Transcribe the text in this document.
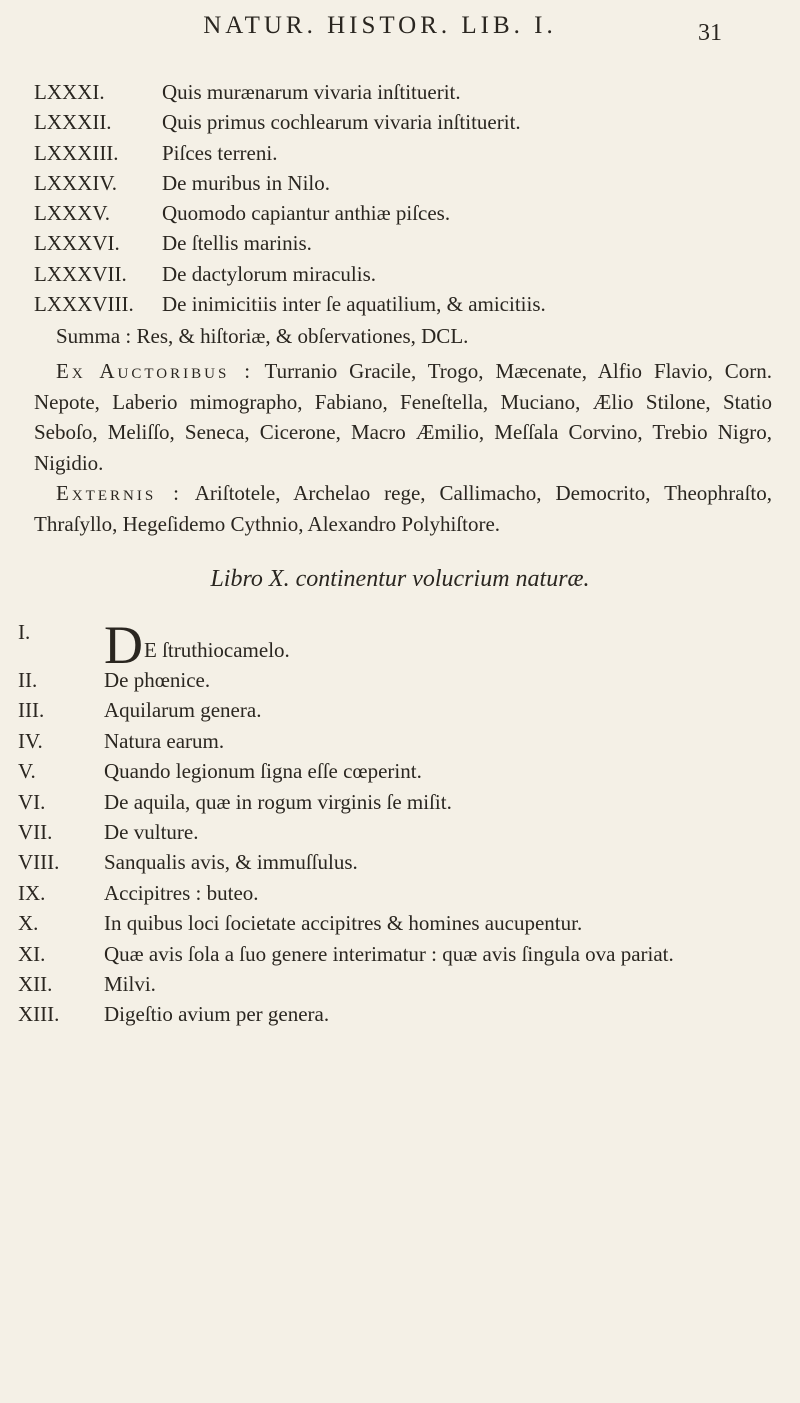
NATUR. HISTOR. LIB. I.	31
LXXXI.	Quis murænarum vivaria inſtituerit.
LXXXII.	Quis primus cochlearum vivaria inſtituerit.
LXXXIII.	Piſces terreni.
LXXXIV.	De muribus in Nilo.
LXXXV.	Quomodo capiantur anthiæ piſces.
LXXXVI.	De ſtellis marinis.
LXXXVII.	De dactylorum miraculis.
LXXXVIII.	De inimicitiis inter ſe aquatilium, & amicitiis.
Summa : Res, & hiſtoriæ, & obſervationes, DCL.

Ex Auctoribus : Turranio Gracile, Trogo, Mæcenate, Alfio Flavio, Corn. Nepote, Laberio mimographo, Fabiano, Feneſtella, Muciano, Ælio Stilone, Statio Seboſo, Meliſſo, Seneca, Cicerone, Macro Æmilio, Meſſala Corvino, Trebio Nigro, Nigidio.

Externis : Ariſtotele, Archelao rege, Callimacho, Democrito, Theophraſto, Thraſyllo, Hegeſidemo Cythnio, Alexandro Polyhiſtore.

Libro X. continentur volucrium naturæ.
I.	DE ſtruthiocamelo.
II.	De phœnice.
III.	Aquilarum genera.
IV.	Natura earum.
V.	Quando legionum ſigna eſſe cœperint.
VI.	De aquila, quæ in rogum virginis ſe miſit.
VII.	De vulture.
VIII.	Sanqualis avis, & immuſſulus.
IX.	Accipitres : buteo.
X.	In quibus loci ſocietate accipitres & homines aucupentur.
XI.	Quæ avis ſola a ſuo genere interimatur : quæ avis ſingula ova pariat.
XII.	Milvi.
XIII.	Digeſtio avium per genera.
